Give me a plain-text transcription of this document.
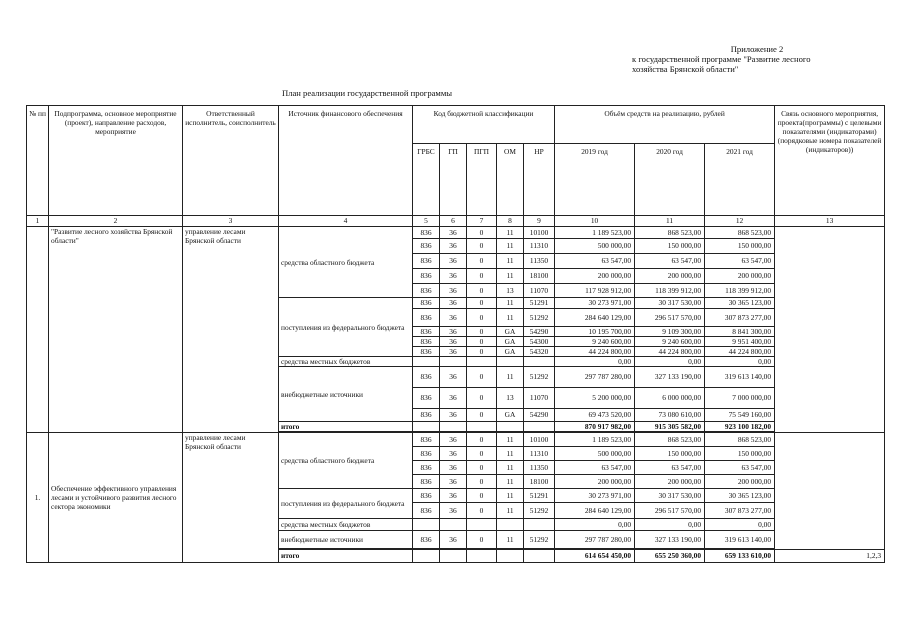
Приложение 2
к государственной программе "Развитие лесного
хозяйства Брянской области"
План реализации государственной программы
№ пп	Подпрограмма, основное мероприятие (проект), направление расходов, мероприятие	Ответственный исполнитель, соисполнитель	Источник финансового обеспечения	Код бюджетной классификации					Объём средств на реализацию, рублей			Связь основного мероприятия, проекта(программы) с целевыми показателями (индикаторами) (порядковые номера показателей (индикаторов))
				ГРБС	ГП	ПГП	ОМ	НР	2019 год	2020 год	2021 год	
1	2	3	4	5	6	7	8	9	10	11	12	13
	"Развитие лесного хозяйства Брянской области"	управление лесами Брянской области	средства областного бюджета	836	36	0	11	10100	1 189 523,00	868 523,00	868 523,00	
				836	36	0	11	11310	500 000,00	150 000,00	150 000,00	
				836	36	0	11	11350	63 547,00	63 547,00	63 547,00	
				836	36	0	11	18100	200 000,00	200 000,00	200 000,00	
				836	36	0	13	11070	117 928 912,00	118 399 912,00	118 399 912,00	
			поступления из федерального бюджета	836	36	0	11	51291	30 273 971,00	30 317 530,00	30 365 123,00	
				836	36	0	11	51292	284 640 129,00	296 517 570,00	307 873 277,00	
				836	36	0	GA	54290	10 195 700,00	9 109 300,00	8 841 300,00	
				836	36	0	GA	54300	9 240 600,00	9 240 600,00	9 951 400,00	
				836	36	0	GA	54320	44 224 800,00	44 224 800,00	44 224 800,00	
			средства местных бюджетов						0,00	0,00	0,00	
			внебюджетные источники	836	36	0	11	51292	297 787 280,00	327 133 190,00	319 613 140,00	
				836	36	0	13	11070	5 200 000,00	6 000 000,00	7 000 000,00	
				836	36	0	GA	54290	69 473 520,00	73 080 610,00	75 549 160,00	
			итого						870 917 982,00	915 305 582,00	923 100 182,00	

1.	Обеспечение эффективного управления лесами и устойчивого развития лесного сектора экономики	управление лесами Брянской области	средства областного бюджета	836	36	0	11	10100	1 189 523,00	868 523,00	868 523,00	
				836	36	0	11	11310	500 000,00	150 000,00	150 000,00	
				836	36	0	11	11350	63 547,00	63 547,00	63 547,00	
				836	36	0	11	18100	200 000,00	200 000,00	200 000,00	
			поступления из федерального бюджета	836	36	0	11	51291	30 273 971,00	30 317 530,00	30 365 123,00	
				836	36	0	11	51292	284 640 129,00	296 517 570,00	307 873 277,00	
			средства местных бюджетов						0,00	0,00	0,00	
			внебюджетные источники	836	36	0	11	51292	297 787 280,00	327 133 190,00	319 613 140,00	

			итого						614 654 450,00	655 250 360,00	659 133 610,00	1,2,3
